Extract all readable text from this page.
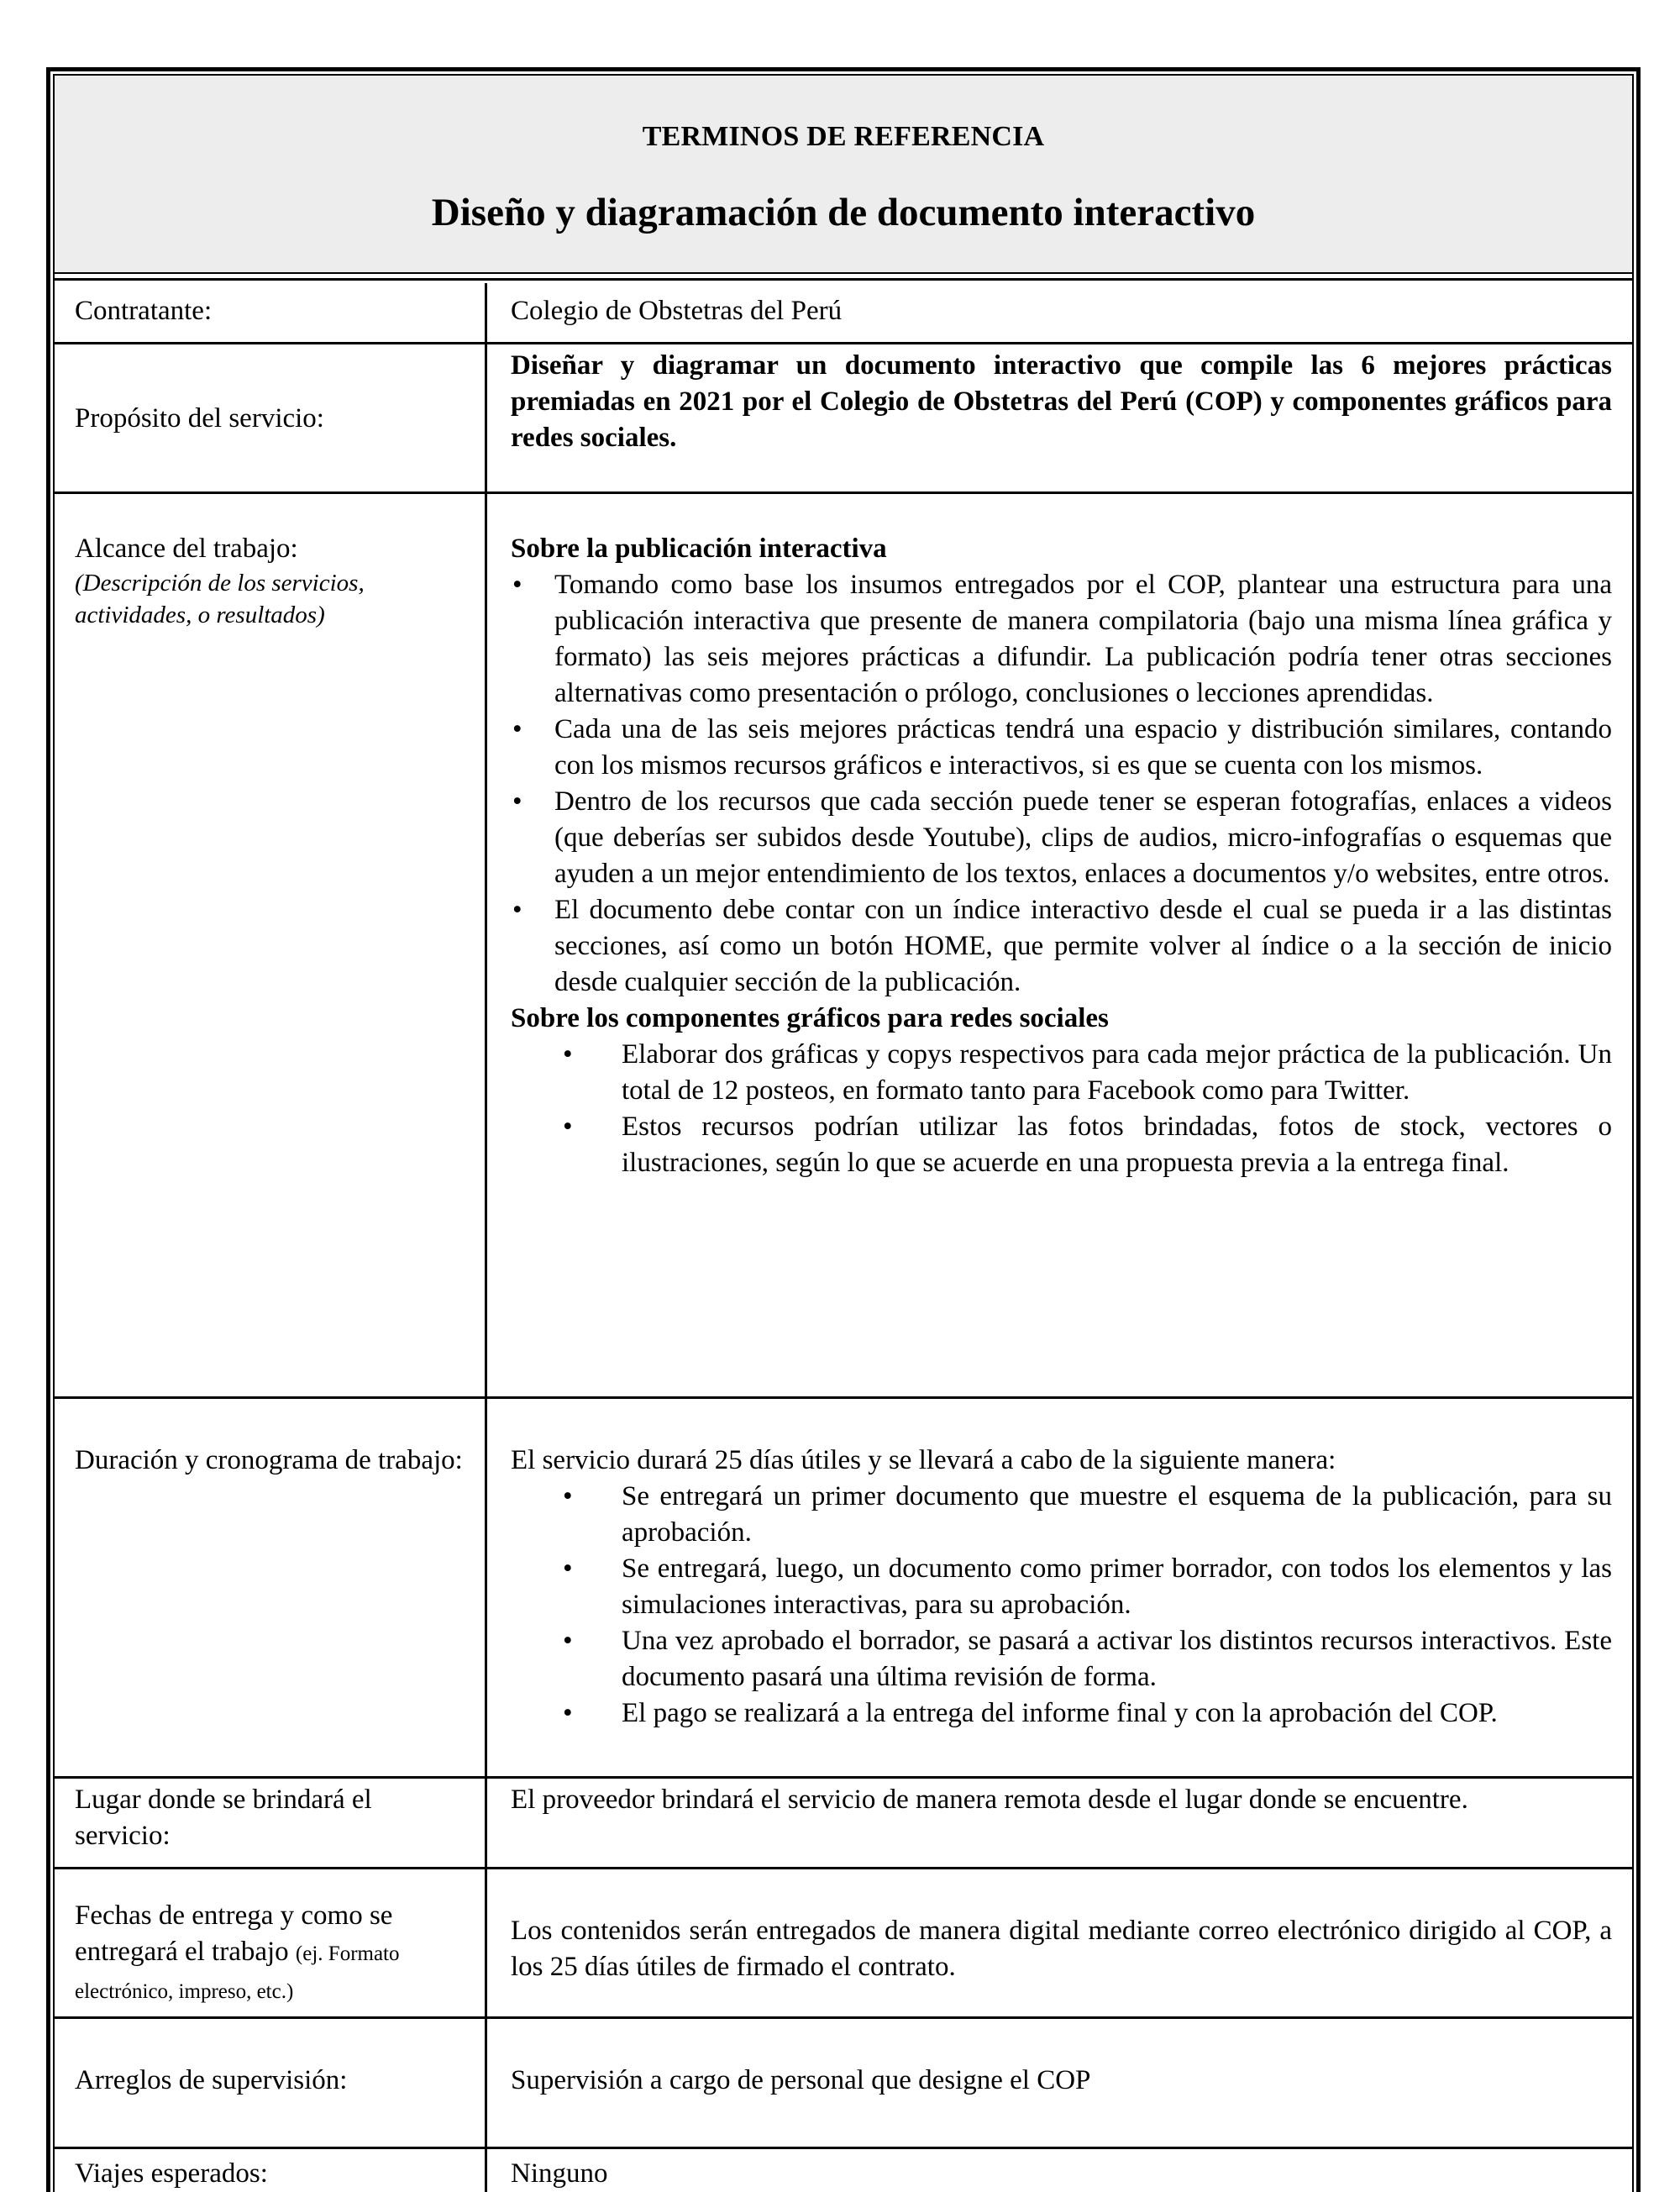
TERMINOS DE REFERENCIA
Diseño y diagramación de documento interactivo
Contratante:	Colegio de Obstetras del Perú
Propósito del servicio:
Diseñar y diagramar un documento interactivo que compile las 6 mejores prácticas premiadas en 2021 por el Colegio de Obstetras del Perú (COP) y componentes gráficos para redes sociales.
Alcance del trabajo:
(Descripción de los servicios, actividades, o resultados)
Sobre la publicación interactiva
• Tomando como base los insumos entregados por el COP, plantear una estructura para una publicación interactiva que presente de manera compilatoria (bajo una misma línea gráfica y formato) las seis mejores prácticas a difundir. La publicación podría tener otras secciones alternativas como presentación o prólogo, conclusiones o lecciones aprendidas.
• Cada una de las seis mejores prácticas tendrá una espacio y distribución similares, contando con los mismos recursos gráficos e interactivos, si es que se cuenta con los mismos.
• Dentro de los recursos que cada sección puede tener se esperan fotografías, enlaces a videos (que deberías ser subidos desde Youtube), clips de audios, micro-infografías o esquemas que ayuden a un mejor entendimiento de los textos, enlaces a documentos y/o websites, entre otros.
• El documento debe contar con un índice interactivo desde el cual se pueda ir a las distintas secciones, así como un botón HOME, que permite volver al índice o a la sección de inicio desde cualquier sección de la publicación.
Sobre los componentes gráficos para redes sociales
• Elaborar dos gráficas y copys respectivos para cada mejor práctica de la publicación. Un total de 12 posteos, en formato tanto para Facebook como para Twitter.
• Estos recursos podrían utilizar las fotos brindadas, fotos de stock, vectores o ilustraciones, según lo que se acuerde en una propuesta previa a la entrega final.
Duración y cronograma de trabajo:	El servicio durará 25 días útiles y se llevará a cabo de la siguiente manera:
• Se entregará un primer documento que muestre el esquema de la publicación, para su aprobación.
• Se entregará, luego, un documento como primer borrador, con todos los elementos y las simulaciones interactivas, para su aprobación.
• Una vez aprobado el borrador, se pasará a activar los distintos recursos interactivos. Este documento pasará una última revisión de forma.
• El pago se realizará a la entrega del informe final y con la aprobación del COP.
Lugar donde se brindará el servicio:
El proveedor brindará el servicio de manera remota desde el lugar donde se encuentre.
Fechas de entrega y como se entregará el trabajo (ej. Formato electrónico, impreso, etc.)
Los contenidos serán entregados de manera digital mediante correo electrónico dirigido al COP, a los 25 días útiles de firmado el contrato.
Arreglos de supervisión:	Supervisión a cargo de personal que designe el COP
Viajes esperados:	Ninguno
